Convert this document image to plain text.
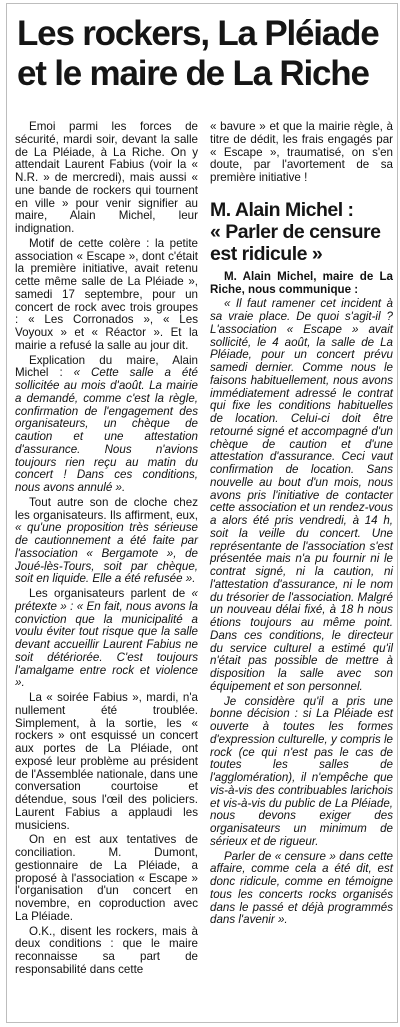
Les rockers, La Pléiade
et le maire de La Riche

Emoi parmi les forces de sécurité, mardi soir, devant la salle de La Pléiade, à La Riche. On y attendait Laurent Fabius (voir la « N.R. » de mercredi), mais aussi « une bande de rockers qui tournent en ville » pour venir signifier au maire, Alain Michel, leur indignation.

Motif de cette colère : la petite association « Escape », dont c'était la première initiative, avait retenu cette même salle de La Pléiade », samedi 17 septembre, pour un concert de rock avec trois groupes : « Les Corronados », « Les Voyoux » et « Réactor ». Et la mairie a refusé la salle au jour dit.

Explication du maire, Alain Michel : « Cette salle a été sollicitée au mois d'août. La mairie a demandé, comme c'est la règle, confirmation de l'engagement des organisateurs, un chèque de caution et une attestation d'assurance. Nous n'avions toujours rien reçu au matin du concert ! Dans ces conditions, nous avons annulé ».

Tout autre son de cloche chez les organisateurs. Ils affirment, eux, « qu'une proposition très sérieuse de cautionnement a été faite par l'association « Bergamote », de Joué-lès-Tours, soit par chèque, soit en liquide. Elle a été refusée ».

Les organisateurs parlent de « prétexte » : « En fait, nous avons la conviction que la municipalité a voulu éviter tout risque que la salle devant accueillir Laurent Fabius ne soit détériorée. C'est toujours l'amalgame entre rock et violence ».

La « soirée Fabius », mardi, n'a nullement été troublée. Simplement, à la sortie, les « rockers » ont esquissé un concert aux portes de La Pléiade, ont exposé leur problème au président de l'Assemblée nationale, dans une conversation courtoise et détendue, sous l'œil des policiers. Laurent Fabius a applaudi les musiciens.

On en est aux tentatives de conciliation. M. Dumont, gestionnaire de La Pléiade, a proposé à l'association « Escape » l'organisation d'un concert en novembre, en coproduction avec La Pléiade.

O.K., disent les rockers, mais à deux conditions : que le maire reconnaisse sa part de responsabilité dans cette

« bavure » et que la mairie règle, à titre de dédit, les frais engagés par « Escape », traumatisé, on s'en doute, par l'avortement de sa première initiative !

M. Alain Michel :
« Parler de censure
est ridicule »

M. Alain Michel, maire de La Riche, nous communique :

« Il faut ramener cet incident à sa vraie place. De quoi s'agit-il ? L'association « Escape » avait sollicité, le 4 août, la salle de La Pléiade, pour un concert prévu samedi dernier. Comme nous le faisons habituellement, nous avons immédiatement adressé le contrat qui fixe les conditions habituelles de location. Celui-ci doit être retourné signé et accompagné d'un chèque de caution et d'une attestation d'assurance. Ceci vaut confirmation de location. Sans nouvelle au bout d'un mois, nous avons pris l'initiative de contacter cette association et un rendez-vous a alors été pris vendredi, à 14 h, soit la veille du concert. Une représentante de l'association s'est présentée mais n'a pu fournir ni le contrat signé, ni la caution, ni l'attestation d'assurance, ni le nom du trésorier de l'association. Malgré un nouveau délai fixé, à 18 h nous étions toujours au même point. Dans ces conditions, le directeur du service culturel a estimé qu'il n'était pas possible de mettre à disposition la salle avec son équipement et son personnel.

Je considère qu'il a pris une bonne décision : si La Pléiade est ouverte à toutes les formes d'expression culturelle, y compris le rock (ce qui n'est pas le cas de toutes les salles de l'agglomération), il n'empêche que vis-à-vis des contribuables larichois et vis-à-vis du public de La Pléiade, nous devons exiger des organisateurs un minimum de sérieux et de rigueur.

Parler de « censure » dans cette affaire, comme cela a été dit, est donc ridicule, comme en témoigne tous les concerts rocks organisés dans le passé et déjà programmés dans l'avenir ».
